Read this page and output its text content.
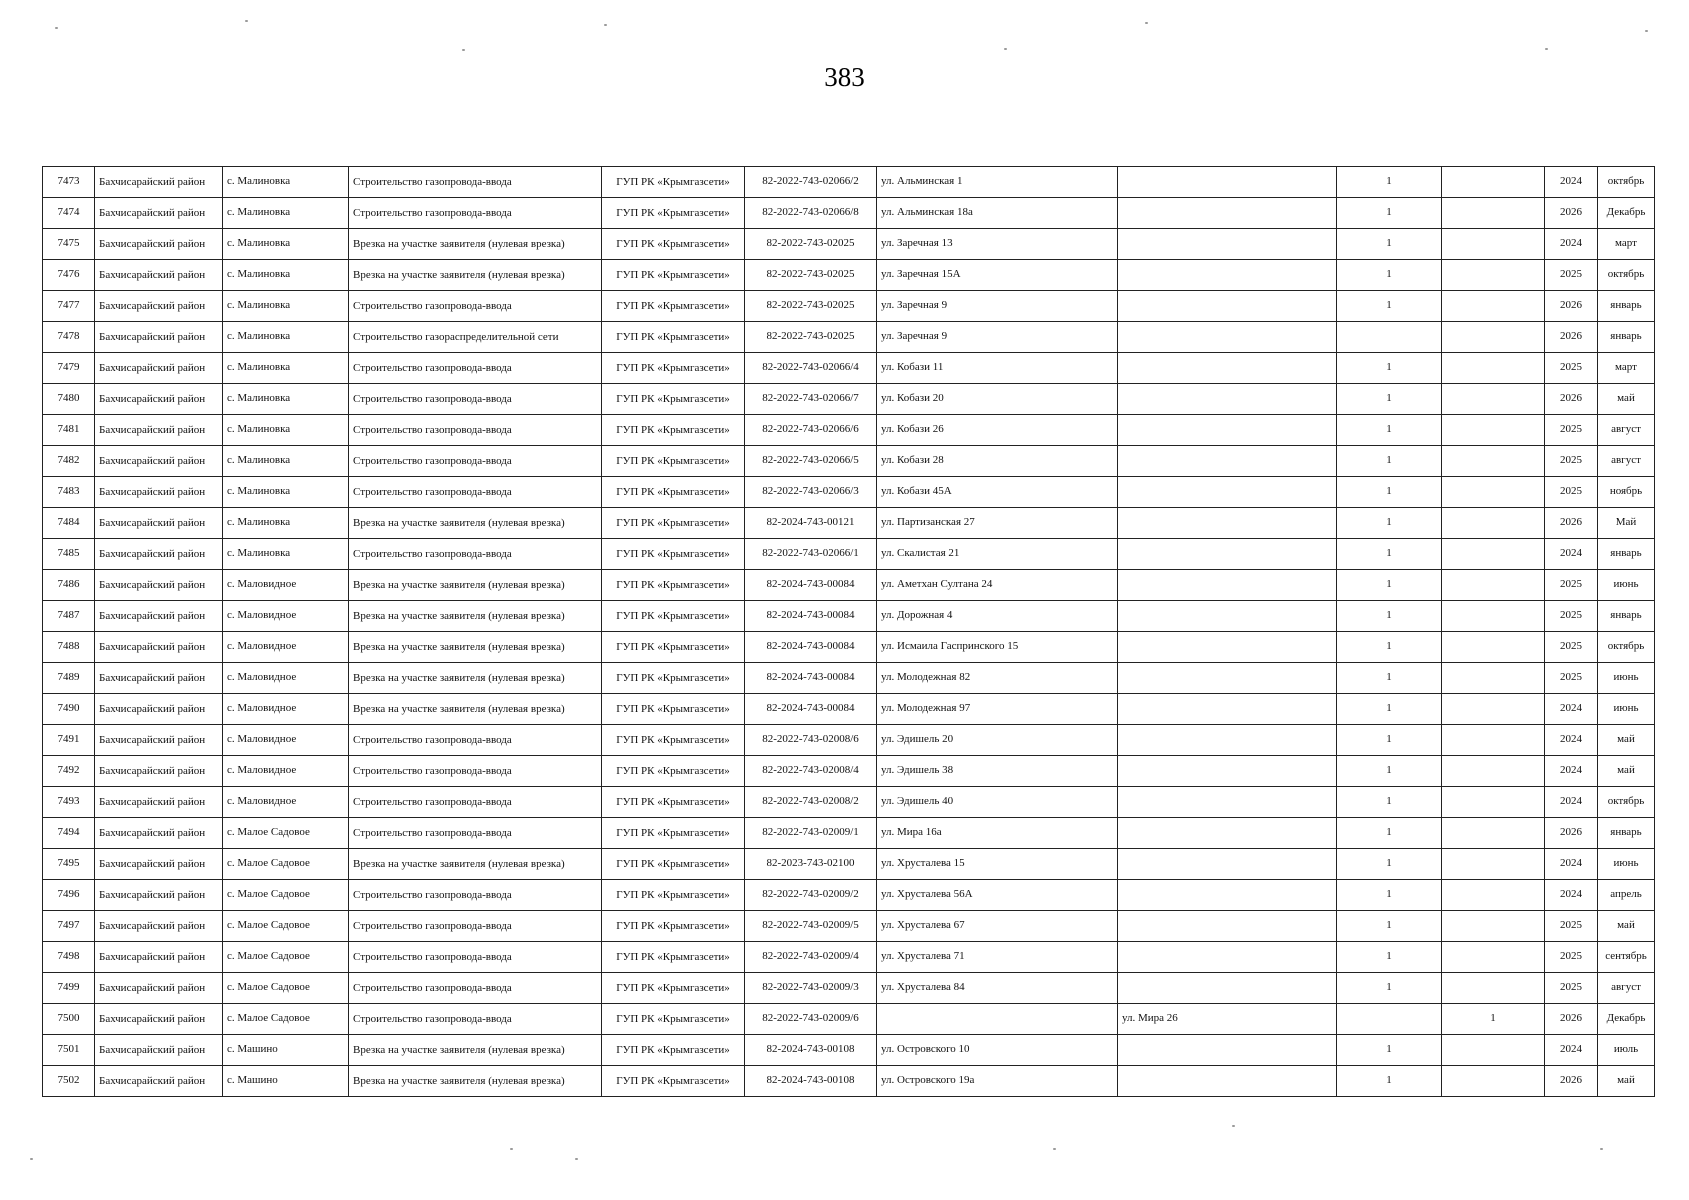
383
7473	Бахчисарайский район	с. Малиновка	Строительство газопровода-ввода	ГУП РК «Крымгазсети»	82-2022-743-02066/2	ул. Альминская 1		1		2024	октябрь
7474	Бахчисарайский район	с. Малиновка	Строительство газопровода-ввода	ГУП РК «Крымгазсети»	82-2022-743-02066/8	ул. Альминская 18а		1		2026	Декабрь
7475	Бахчисарайский район	с. Малиновка	Врезка на участке заявителя (нулевая врезка)	ГУП РК «Крымгазсети»	82-2022-743-02025	ул. Заречная 13		1		2024	март
7476	Бахчисарайский район	с. Малиновка	Врезка на участке заявителя (нулевая врезка)	ГУП РК «Крымгазсети»	82-2022-743-02025	ул. Заречная 15А		1		2025	октябрь
7477	Бахчисарайский район	с. Малиновка	Строительство газопровода-ввода	ГУП РК «Крымгазсети»	82-2022-743-02025	ул. Заречная 9		1		2026	январь
7478	Бахчисарайский район	с. Малиновка	Строительство газораспределительной сети	ГУП РК «Крымгазсети»	82-2022-743-02025	ул. Заречная 9				2026	январь
7479	Бахчисарайский район	с. Малиновка	Строительство газопровода-ввода	ГУП РК «Крымгазсети»	82-2022-743-02066/4	ул. Кобази 11		1		2025	март
7480	Бахчисарайский район	с. Малиновка	Строительство газопровода-ввода	ГУП РК «Крымгазсети»	82-2022-743-02066/7	ул. Кобази 20		1		2026	май
7481	Бахчисарайский район	с. Малиновка	Строительство газопровода-ввода	ГУП РК «Крымгазсети»	82-2022-743-02066/6	ул. Кобази 26		1		2025	август
7482	Бахчисарайский район	с. Малиновка	Строительство газопровода-ввода	ГУП РК «Крымгазсети»	82-2022-743-02066/5	ул. Кобази 28		1		2025	август
7483	Бахчисарайский район	с. Малиновка	Строительство газопровода-ввода	ГУП РК «Крымгазсети»	82-2022-743-02066/3	ул. Кобази 45А		1		2025	ноябрь
7484	Бахчисарайский район	с. Малиновка	Врезка на участке заявителя (нулевая врезка)	ГУП РК «Крымгазсети»	82-2024-743-00121	ул. Партизанская 27		1		2026	Май
7485	Бахчисарайский район	с. Малиновка	Строительство газопровода-ввода	ГУП РК «Крымгазсети»	82-2022-743-02066/1	ул. Скалистая 21		1		2024	январь
7486	Бахчисарайский район	с. Маловидное	Врезка на участке заявителя (нулевая врезка)	ГУП РК «Крымгазсети»	82-2024-743-00084	ул. Аметхан Султана 24		1		2025	июнь
7487	Бахчисарайский район	с. Маловидное	Врезка на участке заявителя (нулевая врезка)	ГУП РК «Крымгазсети»	82-2024-743-00084	ул. Дорожная 4		1		2025	январь
7488	Бахчисарайский район	с. Маловидное	Врезка на участке заявителя (нулевая врезка)	ГУП РК «Крымгазсети»	82-2024-743-00084	ул. Исмаила Гаспринского 15		1		2025	октябрь
7489	Бахчисарайский район	с. Маловидное	Врезка на участке заявителя (нулевая врезка)	ГУП РК «Крымгазсети»	82-2024-743-00084	ул. Молодежная 82		1		2025	июнь
7490	Бахчисарайский район	с. Маловидное	Врезка на участке заявителя (нулевая врезка)	ГУП РК «Крымгазсети»	82-2024-743-00084	ул. Молодежная 97		1		2024	июнь
7491	Бахчисарайский район	с. Маловидное	Строительство газопровода-ввода	ГУП РК «Крымгазсети»	82-2022-743-02008/6	ул. Эдишель 20		1		2024	май
7492	Бахчисарайский район	с. Маловидное	Строительство газопровода-ввода	ГУП РК «Крымгазсети»	82-2022-743-02008/4	ул. Эдишель 38		1		2024	май
7493	Бахчисарайский район	с. Маловидное	Строительство газопровода-ввода	ГУП РК «Крымгазсети»	82-2022-743-02008/2	ул. Эдишель 40		1		2024	октябрь
7494	Бахчисарайский район	с. Малое Садовое	Строительство газопровода-ввода	ГУП РК «Крымгазсети»	82-2022-743-02009/1	ул. Мира 16а		1		2026	январь
7495	Бахчисарайский район	с. Малое Садовое	Врезка на участке заявителя (нулевая врезка)	ГУП РК «Крымгазсети»	82-2023-743-02100	ул. Хрусталева 15		1		2024	июнь
7496	Бахчисарайский район	с. Малое Садовое	Строительство газопровода-ввода	ГУП РК «Крымгазсети»	82-2022-743-02009/2	ул. Хрусталева 56А		1		2024	апрель
7497	Бахчисарайский район	с. Малое Садовое	Строительство газопровода-ввода	ГУП РК «Крымгазсети»	82-2022-743-02009/5	ул. Хрусталева 67		1		2025	май
7498	Бахчисарайский район	с. Малое Садовое	Строительство газопровода-ввода	ГУП РК «Крымгазсети»	82-2022-743-02009/4	ул. Хрусталева 71		1		2025	сентябрь
7499	Бахчисарайский район	с. Малое Садовое	Строительство газопровода-ввода	ГУП РК «Крымгазсети»	82-2022-743-02009/3	ул. Хрусталева 84		1		2025	август
7500	Бахчисарайский район	с. Малое Садовое	Строительство газопровода-ввода	ГУП РК «Крымгазсети»	82-2022-743-02009/6		ул. Мира 26		1	2026	Декабрь
7501	Бахчисарайский район	с. Машино	Врезка на участке заявителя (нулевая врезка)	ГУП РК «Крымгазсети»	82-2024-743-00108	ул. Островского 10		1		2024	июль
7502	Бахчисарайский район	с. Машино	Врезка на участке заявителя (нулевая врезка)	ГУП РК «Крымгазсети»	82-2024-743-00108	ул. Островского 19а		1		2026	май
